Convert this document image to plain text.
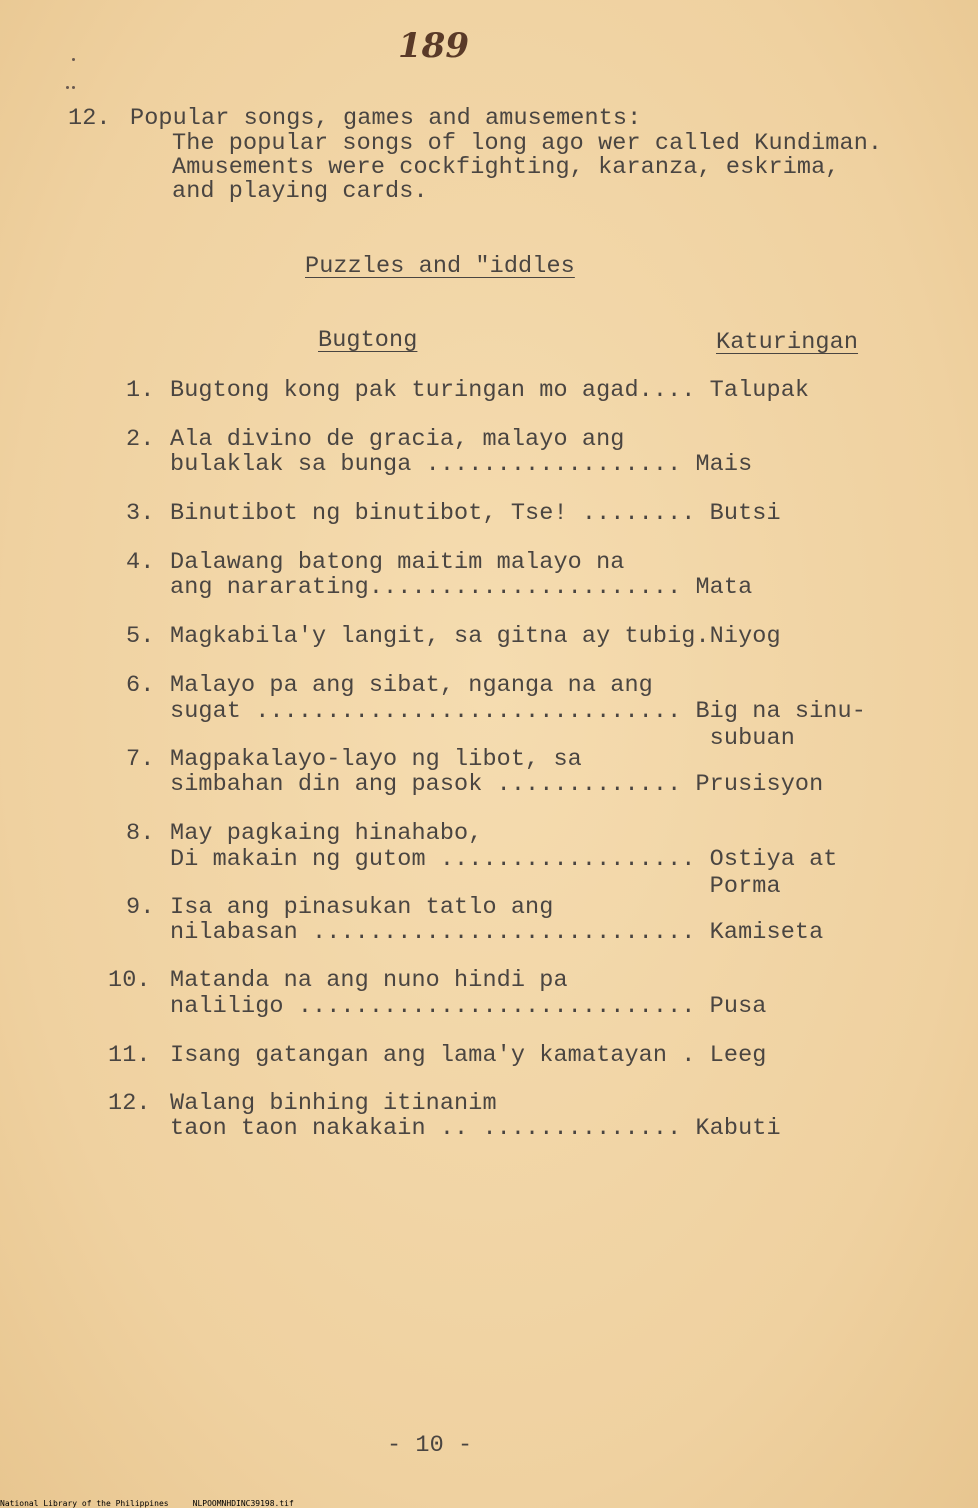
189
12. Popular songs, games and amusements:
The popular songs of long ago wer called Kundiman.
Amusements were cockfighting, karanza, eskrima,
and playing cards.
Puzzles and "iddles
Bugtong	Katuringan
1. Bugtong kong pak turingan mo agad.... Talupak
2. Ala divino de gracia, malayo ang
bulaklak sa bunga .................. Mais
3. Binutibot ng binutibot, Tse! ........ Butsi
4. Dalawang batong maitim malayo na
ang nararating...................... Mata
5. Magkabila'y langit, sa gitna ay tubig.Niyog
6. Malayo pa ang sibat, nganga na ang
sugat .............................. Big na sinu-
subuan
7. Magpakalayo-layo ng libot, sa
simbahan din ang pasok ............. Prusisyon
8. May pagkaing hinahabo,
Di makain ng gutom .................. Ostiya at
Porma
9. Isa ang pinasukan tatlo ang
nilabasan ........................... Kamiseta
10. Matanda na ang nuno hindi pa
naliligo ............................ Pusa
11. Isang gatangan ang lama'y kamatayan . Leeg
12. Walang binhing itinanim
taon taon nakakain .. .............. Kabuti
- 10 -
National Library of the Philippines     NLPOOMNHDINC39198.tif
